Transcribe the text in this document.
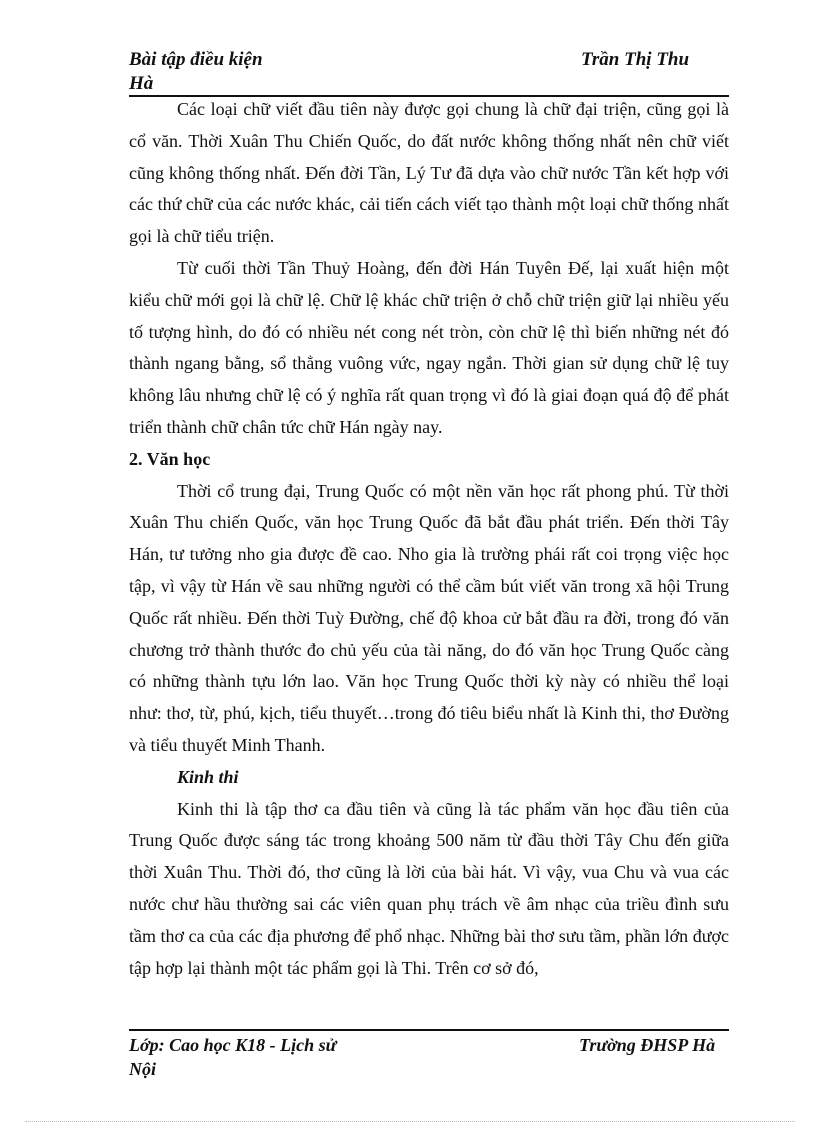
Bài tập điều kiện	Trần Thị Thu
Hà

Các loại chữ viết đầu tiên này được gọi chung là chữ đại triện, cũng gọi là cổ văn. Thời Xuân Thu Chiến Quốc, do đất nước không thống nhất nên chữ viết cũng không thống nhất. Đến đời Tần, Lý Tư đã dựa vào chữ nước Tần kết hợp với các thứ chữ của các nước khác, cải tiến cách viết tạo thành một loại chữ thống nhất gọi là chữ tiểu triện.

Từ cuối thời Tần Thuỷ Hoàng, đến đời Hán Tuyên Đế, lại xuất hiện một kiểu chữ mới gọi là chữ lệ. Chữ lệ khác chữ triện ở chỗ chữ triện giữ lại nhiều yếu tố tượng hình, do đó có nhiều nét cong nét tròn, còn chữ lệ thì biến những nét đó thành ngang bằng, sổ thẳng vuông vức, ngay ngắn. Thời gian sử dụng chữ lệ tuy không lâu nhưng chữ lệ có ý nghĩa rất quan trọng vì đó là giai đoạn quá độ để phát triển thành chữ chân tức chữ Hán ngày nay.

2. Văn học

Thời cổ trung đại, Trung Quốc có một nền văn học rất phong phú. Từ thời Xuân Thu chiến Quốc, văn học Trung Quốc đã bắt đầu phát triển. Đến thời Tây Hán, tư tưởng nho gia được đề cao. Nho gia là trường phái rất coi trọng việc học tập, vì vậy từ Hán về sau những người có thể cầm bút viết văn trong xã hội Trung Quốc rất nhiều. Đến thời Tuỳ Đường, chế độ khoa cử bắt đầu ra đời, trong đó văn chương trở thành thước đo chủ yếu của tài năng, do đó văn học Trung Quốc càng có những thành tựu lớn lao. Văn học Trung Quốc thời kỳ này có nhiều thể loại như: thơ, từ, phú, kịch, tiểu thuyết…trong đó tiêu biểu nhất là Kinh thi, thơ Đường và tiểu thuyết Minh Thanh.

Kinh thi

Kinh thi là tập thơ ca đầu tiên và cũng là tác phẩm văn học đầu tiên của Trung Quốc được sáng tác trong khoảng 500 năm từ đầu thời Tây Chu đến giữa thời Xuân Thu. Thời đó, thơ cũng là lời của bài hát. Vì vậy, vua Chu và vua các nước chư hầu thường sai các viên quan phụ trách về âm nhạc của triều đình sưu tầm thơ ca của các địa phương để phổ nhạc. Những bài thơ sưu tầm, phần lớn được tập hợp lại thành một tác phẩm gọi là Thi. Trên cơ sở đó,

Lớp: Cao học K18 - Lịch sử	Trường ĐHSP Hà
Nội
